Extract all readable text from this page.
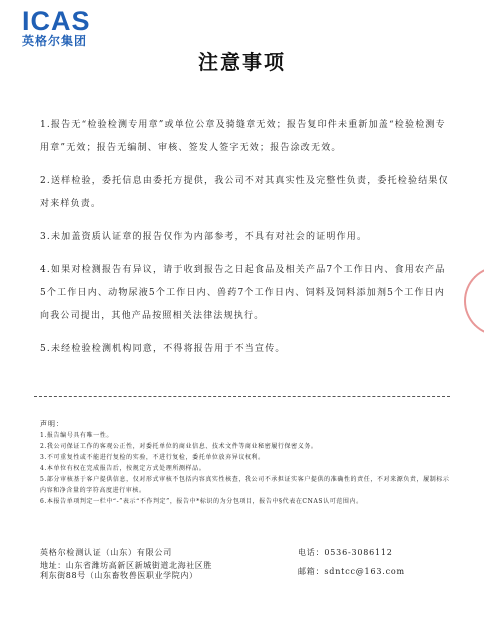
ICAS
英格尔集团
注意事项

1.报告无“检验检测专用章”或单位公章及骑缝章无效；报告复印件未重新加盖“检验检测专用章”无效；报告无编制、审核、签发人签字无效；报告涂改无效。

2.送样检验，委托信息由委托方提供，我公司不对其真实性及完整性负责，委托检验结果仅对来样负责。

3.未加盖资质认证章的报告仅作为内部参考，不具有对社会的证明作用。

4.如果对检测报告有异议，请于收到报告之日起食品及相关产品7个工作日内、食用农产品5个工作日内、动物尿液5个工作日内、兽药7个工作日内、饲料及饲料添加剂5个工作日内向我公司提出，其他产品按照相关法律法规执行。

5.未经检验检测机构同意，不得将报告用于不当宣传。

声明：
1.报告编号具有唯一性。
2.我公司保证工作的客观公正性，对委托单位的商业信息、技术文件等商业秘密履行保密义务。
3.不可重复性或不能进行复检的实验，不进行复检，委托单位放弃异议权利。
4.本单位有权在完成报告后，按规定方式处理所测样品。
5.部分审核基于客户提供信息，仅对形式审核不包括内容真实性核查，我公司不承担证实客户提供的准确性的责任，不对来源负责，履制标示内容和净含量的字符高度进行审核。
6.本报告单项判定一栏中“-”表示“不作判定”，报告中*标识的为分包项目，报告中§代表在CNAS认可范围内。
英格尔检测认证（山东）有限公司
地址：山东省潍坊高新区新城街道北海社区胜利东街88号（山东畜牧兽医职业学院内）
电话：0536-3086112
邮箱：sdntcc@163.com
